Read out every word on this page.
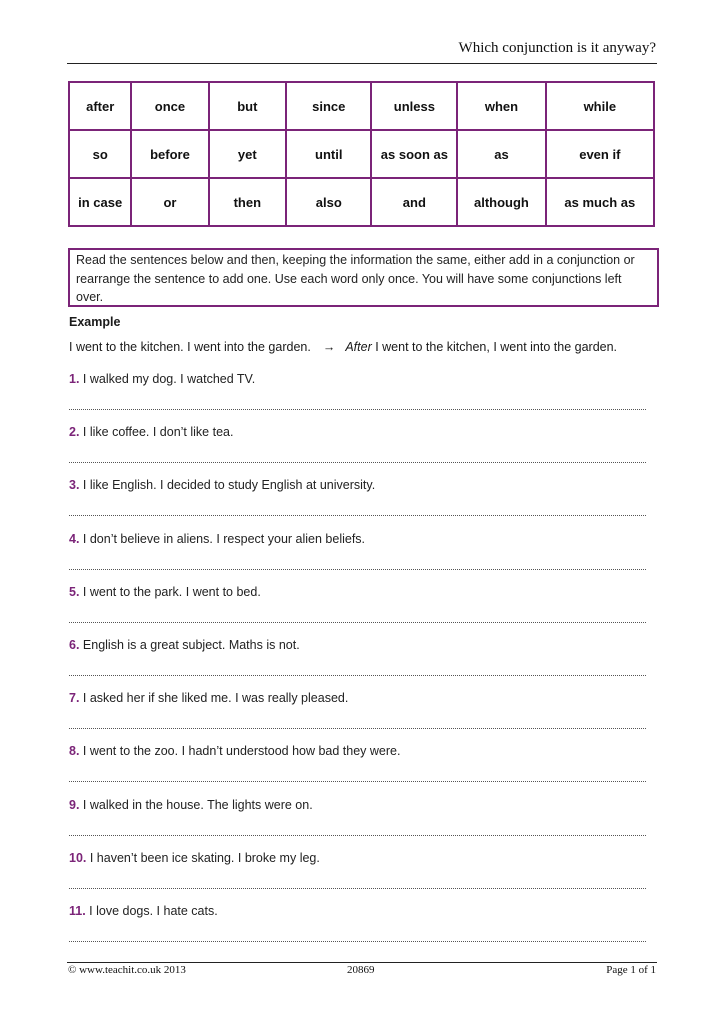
Which conjunction is it anyway?
after	once	but	since	unless	when	while
so	before	yet	until	as soon as	as	even if
in case	or	then	also	and	although	as much as
Read the sentences below and then, keeping the information the same, either add in a conjunction or rearrange the sentence to add one. Use each word only once. You will have some conjunctions left over.
Example
I went to the kitchen. I went into the garden. → After I went to the kitchen, I went into the garden.
1. I walked my dog. I watched TV.
2. I like coffee. I don’t like tea.
3. I like English. I decided to study English at university.
4. I don’t believe in aliens. I respect your alien beliefs.
5. I went to the park. I went to bed.
6. English is a great subject. Maths is not.
7. I asked her if she liked me. I was really pleased.
8. I went to the zoo. I hadn’t understood how bad they were.
9. I walked in the house. The lights were on.
10. I haven’t been ice skating. I broke my leg.
11. I love dogs. I hate cats.
© www.teachit.co.uk 2013	20869	Page 1 of 1
